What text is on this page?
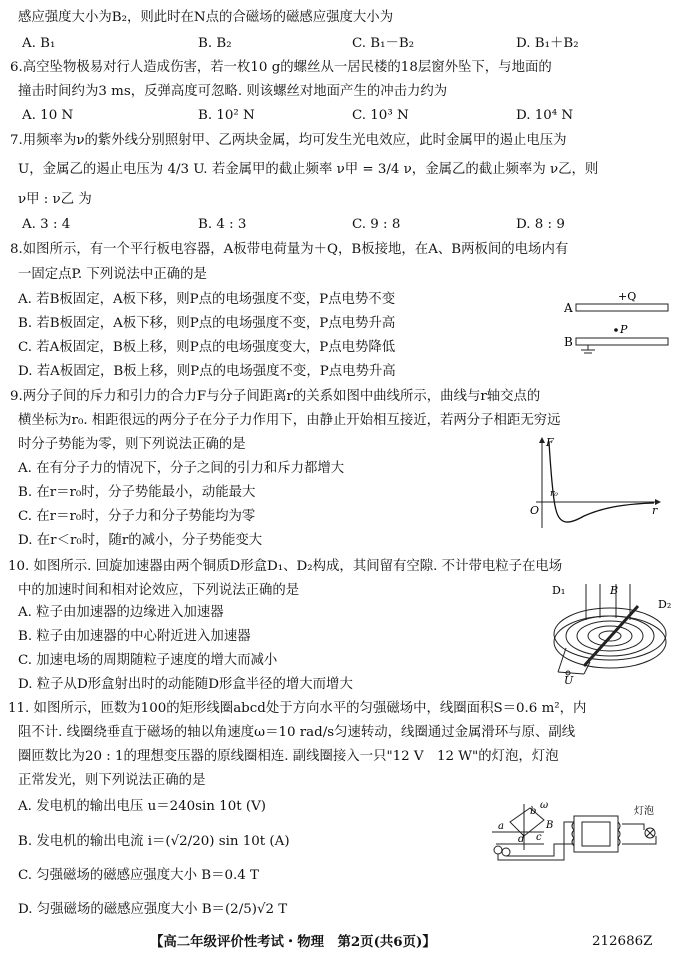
感应强度大小为B₂，则此时在N点的合磁场的磁感应强度大小为
A. B₁	B. B₂	C. B₁－B₂	D. B₁＋B₂
6.高空坠物极易对行人造成伤害，若一枚10 g的螺丝从一居民楼的18层窗外坠下，与地面的
撞击时间约为3 ms，反弹高度可忽略. 则该螺丝对地面产生的冲击力约为
A. 10 N	B. 10² N	C. 10³ N	D. 10⁴ N
7.用频率为ν的紫外线分别照射甲、乙两块金属，均可发生光电效应，此时金属甲的遏止电压为
U，金属乙的遏止电压为 4/3 U. 若金属甲的截止频率 ν甲 = 3/4 ν，金属乙的截止频率为 ν乙，则
ν甲 : ν乙 为
A. 3 : 4	B. 4 : 3	C. 9 : 8	D. 8 : 9
8.如图所示，有一个平行板电容器，A板带电荷量为＋Q，B板接地，在A、B两板间的电场内有
一固定点P. 下列说法中正确的是
A. 若B板固定，A板下移，则P点的电场强度不变，P点电势不变
B. 若B板固定，A板下移，则P点的电场强度不变，P点电势升高
C. 若A板固定，B板上移，则P点的电场强度变大，P点电势降低
D. 若A板固定，B板上移，则P点的电场强度不变，P点电势升高
A
+Q
P
B
9.两分子间的斥力和引力的合力F与分子间距离r的关系如图中曲线所示，曲线与r轴交点的
横坐标为r₀. 相距很远的两分子在分子力作用下，由静止开始相互接近，若两分子相距无穷远
时分子势能为零，则下列说法正确的是
A. 在有分子力的情况下，分子之间的引力和斥力都增大
B. 在r＝r₀时，分子势能最小，动能最大
C. 在r＝r₀时，分子力和分子势能均为零
D. 在r＜r₀时，随r的减小，分子势能变大
F
r
O
r₀
10. 如图所示. 回旋加速器由两个铜质D形盒D₁、D₂构成，其间留有空隙. 不计带电粒子在电场
中的加速时间和相对论效应，下列说法正确的是
A. 粒子由加速器的边缘进入加速器
B. 粒子由加速器的中心附近进入加速器
C. 加速电场的周期随粒子速度的增大而减小
D. 粒子从D形盒射出时的动能随D形盒半径的增大而增大
D₁
D₂
B
U
11. 如图所示，匝数为100的矩形线圈abcd处于方向水平的匀强磁场中，线圈面积S＝0.6 m²，内
阻不计. 线圈绕垂直于磁场的轴以角速度ω＝10 rad/s匀速转动，线圈通过金属滑环与原、副线
圈匝数比为20 : 1的理想变压器的原线圈相连. 副线圈接入一只"12 V　12 W"的灯泡，灯泡
正常发光，则下列说法正确的是
A. 发电机的输出电压 u＝240sin 10t (V)
B. 发电机的输出电流 i＝(√2/20) sin 10t (A)
C. 匀强磁场的磁感应强度大小 B＝0.4 T
D. 匀强磁场的磁感应强度大小 B＝(2/5)√2 T
b
ω
B
a
c
d
灯泡
【高二年级评价性考试・物理　第2页(共6页)】	212686Z
